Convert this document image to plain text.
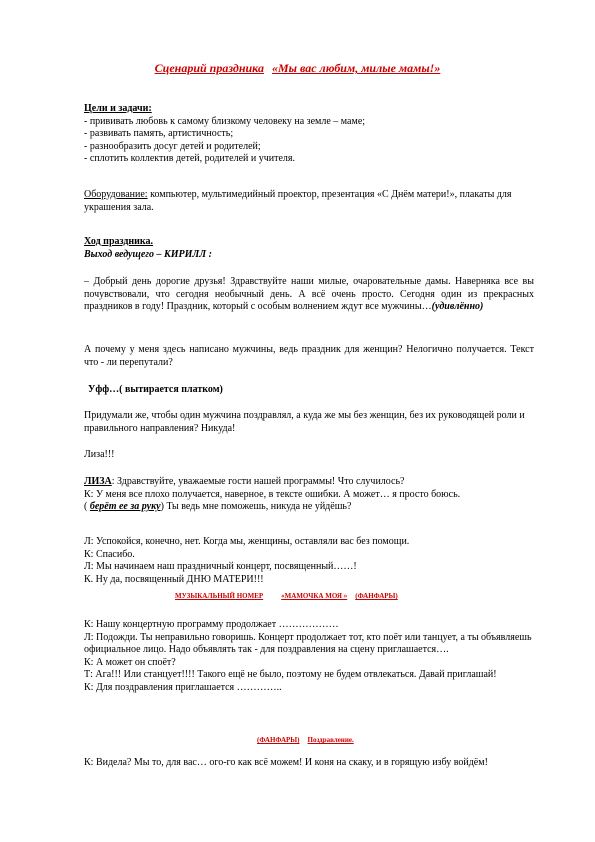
Сценарий праздника «Мы вас любим, милые мамы!»
Цели и задачи:
- прививать любовь к самому близкому человеку на земле – маме;
- развивать память, артистичность;
- разнообразить досуг детей и родителей;
- сплотить коллектив детей, родителей и учителя.
Оборудование: компьютер, мультимедийный проектор, презентация «С Днём матери!», плакаты для украшения зала.
Ход праздника.
Выход ведущего – КИРИЛЛ :
– Добрый день дорогие друзья! Здравствуйте наши милые, очаровательные дамы. Наверняка все вы почувствовали, что сегодня необычный день. А всё очень просто. Сегодня один из прекрасных праздников в году! Праздник, который с особым волнением ждут все мужчины…(удивлённо)
А почему у меня здесь написано мужчины, ведь праздник для женщин? Нелогично получается. Текст что - ли перепутали?
Уфф…( вытирается платком)
Придумали же, чтобы один мужчина поздравлял, а куда же мы без женщин, без их руководящей роли и правильного направления? Никуда!
Лиза!!!
ЛИЗА: Здравствуйте, уважаемые гости нашей программы! Что случилось?
К: У меня все плохо получается, наверное, в тексте ошибки. А может… я просто боюсь.
( берёт ее за руку) Ты ведь мне поможешь, никуда не уйдёшь?
Л: Успокойся, конечно, нет. Когда мы, женщины, оставляли вас без помощи.
К: Спасибо.
Л: Мы начинаем наш праздничный концерт, посвященный……!
К. Ну да, посвященный ДНЮ МАТЕРИ!!!
МУЗЫКАЛЬНЫЙ НОМЕР	«МАМОЧКА МОЯ » (ФАНФАРЫ)
К: Нашу концертную программу продолжает ………………
Л: Подожди. Ты неправильно говоришь. Концерт продолжает тот, кто поёт или танцует, а ты объявляешь официальное лицо. Надо объявлять так - для поздравления на сцену приглашается….
К: А может он споёт?
Т: Ага!!! Или станцует!!!! Такого ещё не было, поэтому не будем отвлекаться. Давай приглашай!
К: Для поздравления приглашается …………..
(ФАНФАРЫ) Поздравление.
К: Видела? Мы то, для вас… ого-го как всё можем! И коня на скаку, и в горящую избу войдём!
